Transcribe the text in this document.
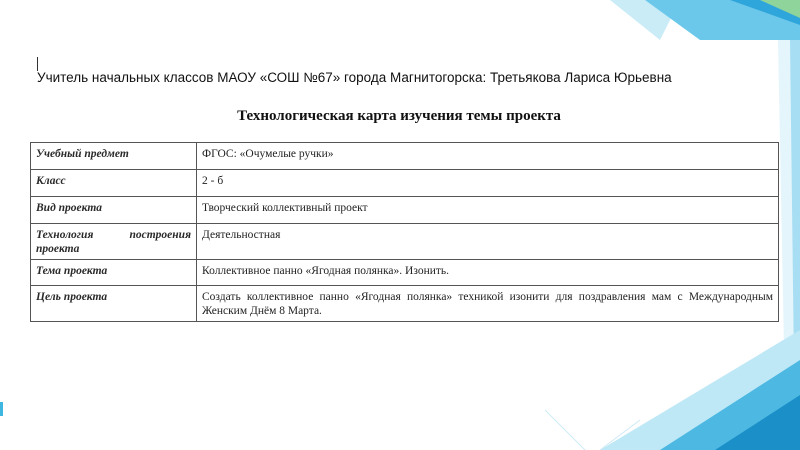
Учитель начальных классов МАОУ «СОШ №67» города Магнитогорска: Третьякова Лариса Юрьевна
Технологическая карта изучения темы проекта
Учебный предмет	ФГОС: «Очумелые ручки»
Класс	2 - б
Вид проекта	Творческий коллективный проект

Технология построения
проекта	Деятельностная
Тема проекта	Коллективное панно «Ягодная полянка». Изонить.
Цель проекта	Создать коллективное панно «Ягодная полянка» техникой изонити для поздравления мам с Международным Женским Днём 8 Марта.
